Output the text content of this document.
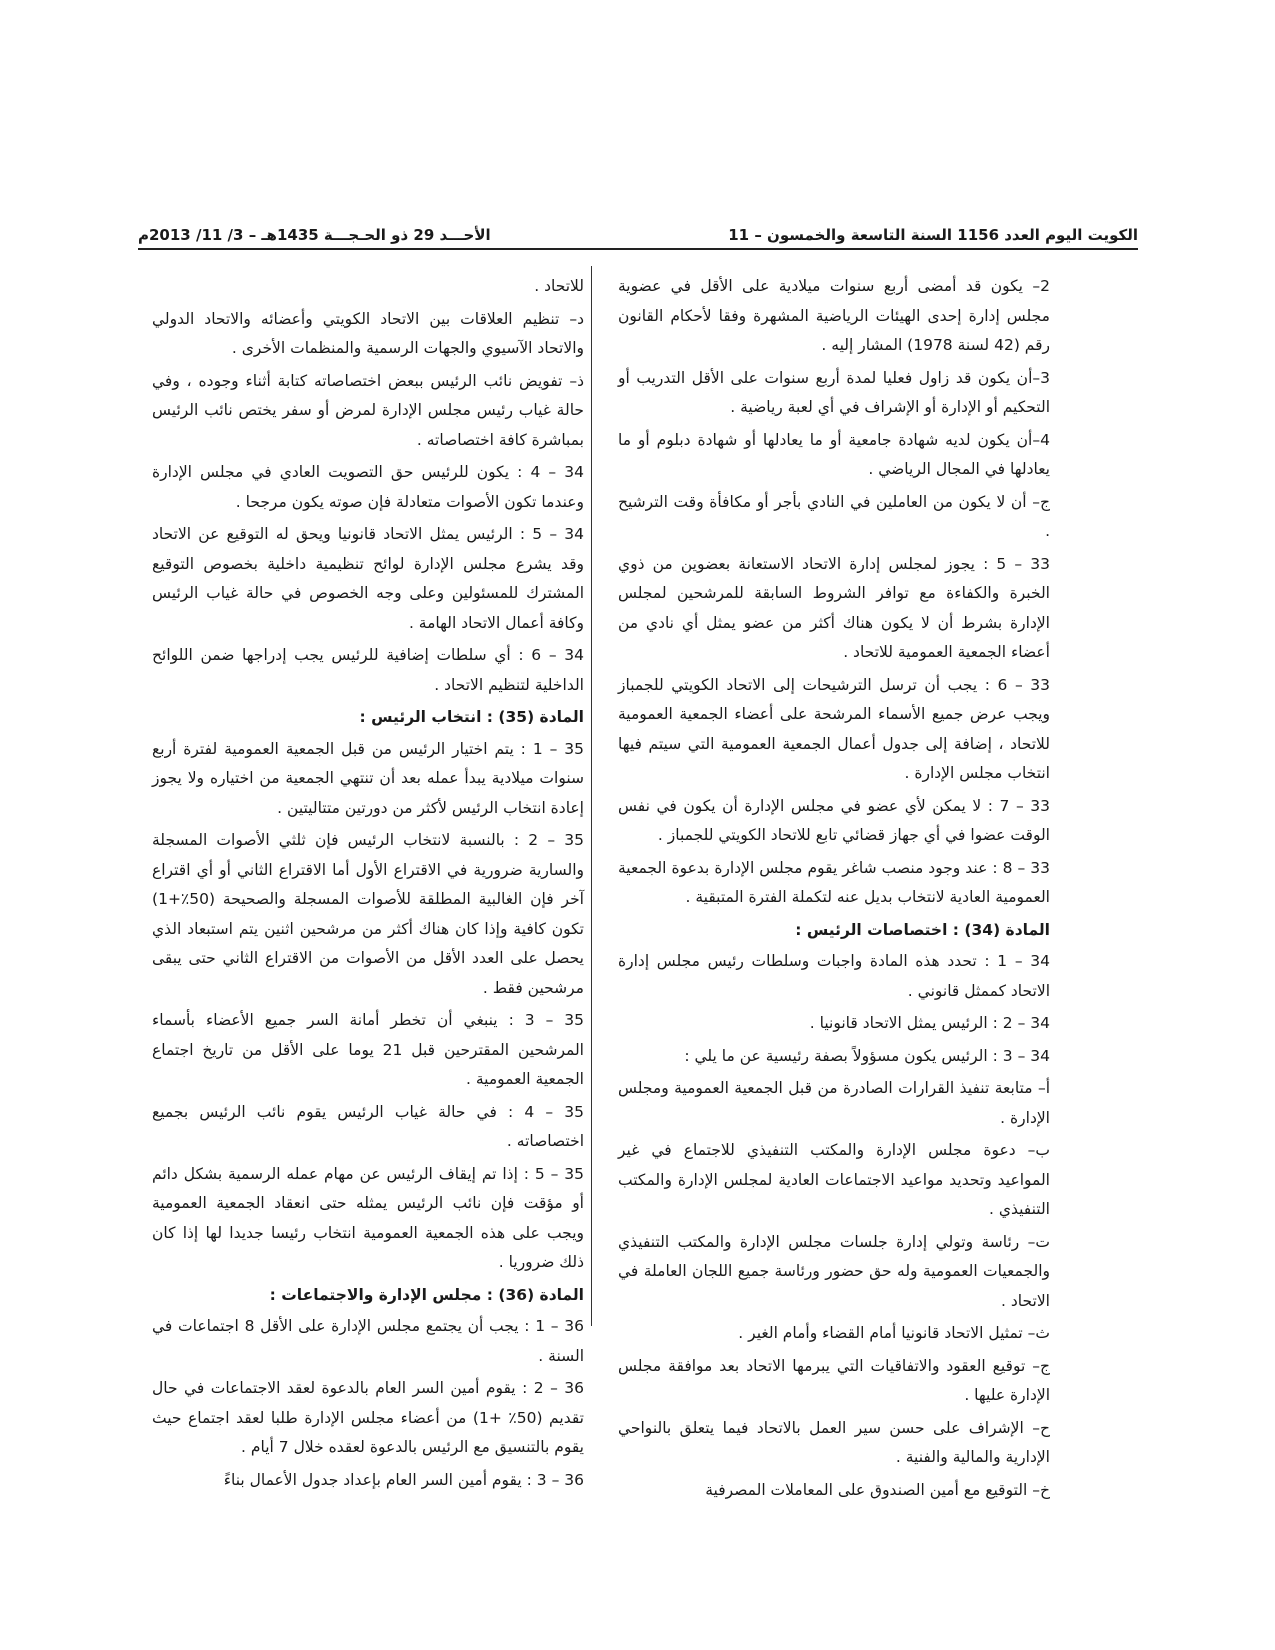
الكويت اليوم العدد 1156 السنة التاسعة والخمسون – 11
الأحـــد 29 ذو الحـجـــة 1435هـ – 3/ 11/ 2013م

2– يكون قد أمضى أربع سنوات ميلادية على الأقل في عضوية مجلس إدارة إحدى الهيئات الرياضية المشهرة وفقا لأحكام القانون رقم (42 لسنة 1978) المشار إليه .

3–أن يكون قد زاول فعليا لمدة أربع سنوات على الأقل التدريب أو التحكيم أو الإدارة أو الإشراف في أي لعبة رياضية .

4–أن يكون لديه شهادة جامعية أو ما يعادلها أو شهادة دبلوم أو ما يعادلها في المجال الرياضي .

ج– أن لا يكون من العاملين في النادي بأجر أو مكافأة وقت الترشيح .

33 – 5 : يجوز لمجلس إدارة الاتحاد الاستعانة بعضوين من ذوي الخبرة والكفاءة مع توافر الشروط السابقة للمرشحين لمجلس الإدارة بشرط أن لا يكون هناك أكثر من عضو يمثل أي نادي من أعضاء الجمعية العمومية للاتحاد .

33 – 6 : يجب أن ترسل الترشيحات إلى الاتحاد الكويتي للجمباز ويجب عرض جميع الأسماء المرشحة على أعضاء الجمعية العمومية للاتحاد ، إضافة إلى جدول أعمال الجمعية العمومية التي سيتم فيها انتخاب مجلس الإدارة .

33 – 7 : لا يمكن لأي عضو في مجلس الإدارة أن يكون في نفس الوقت عضوا في أي جهاز قضائي تابع للاتحاد الكويتي للجمباز .

33 – 8 : عند وجود منصب شاغر يقوم مجلس الإدارة بدعوة الجمعية العمومية العادية لانتخاب بديل عنه لتكملة الفترة المتبقية .

المادة (34) : اختصاصات الرئيس :

34 – 1 : تحدد هذه المادة واجبات وسلطات رئيس مجلس إدارة الاتحاد كممثل قانوني .

34 – 2 : الرئيس يمثل الاتحاد قانونيا .

34 – 3 : الرئيس يكون مسؤولاً بصفة رئيسية عن ما يلي :

أ– متابعة تنفيذ القرارات الصادرة من قبل الجمعية العمومية ومجلس الإدارة .

ب– دعوة مجلس الإدارة والمكتب التنفيذي للاجتماع في غير المواعيد وتحديد مواعيد الاجتماعات العادية لمجلس الإدارة والمكتب التنفيذي .

ت– رئاسة وتولي إدارة جلسات مجلس الإدارة والمكتب التنفيذي والجمعيات العمومية وله حق حضور ورئاسة جميع اللجان العاملة في الاتحاد .

ث– تمثيل الاتحاد قانونيا أمام القضاء وأمام الغير .

ج– توقيع العقود والاتفاقيات التي يبرمها الاتحاد بعد موافقة مجلس الإدارة عليها .

ح– الإشراف على حسن سير العمل بالاتحاد فيما يتعلق بالنواحي الإدارية والمالية والفنية .

خ– التوقيع مع أمين الصندوق على المعاملات المصرفية

للاتحاد .

د– تنظيم العلاقات بين الاتحاد الكويتي وأعضائه والاتحاد الدولي والاتحاد الآسيوي والجهات الرسمية والمنظمات الأخرى .

ذ– تفويض نائب الرئيس ببعض اختصاصاته كتابة أثناء وجوده ، وفي حالة غياب رئيس مجلس الإدارة لمرض أو سفر يختص نائب الرئيس بمباشرة كافة اختصاصاته .

34 – 4 : يكون للرئيس حق التصويت العادي في مجلس الإدارة وعندما تكون الأصوات متعادلة فإن صوته يكون مرجحا .

34 – 5 : الرئيس يمثل الاتحاد قانونيا ويحق له التوقيع عن الاتحاد وقد يشرع مجلس الإدارة لوائح تنظيمية داخلية بخصوص التوقيع المشترك للمسئولين وعلى وجه الخصوص في حالة غياب الرئيس وكافة أعمال الاتحاد الهامة .

34 – 6 : أي سلطات إضافية للرئيس يجب إدراجها ضمن اللوائح الداخلية لتنظيم الاتحاد .

المادة (35) : انتخاب الرئيس :

35 – 1 : يتم اختيار الرئيس من قبل الجمعية العمومية لفترة أربع سنوات ميلادية يبدأ عمله بعد أن تنتهي الجمعية من اختياره ولا يجوز إعادة انتخاب الرئيس لأكثر من دورتين متتاليتين .

35 – 2 : بالنسبة لانتخاب الرئيس فإن ثلثي الأصوات المسجلة والسارية ضرورية في الاقتراع الأول أما الاقتراع الثاني أو أي اقتراع آخر فإن الغالبية المطلقة للأصوات المسجلة والصحيحة (50٪+1) تكون كافية وإذا كان هناك أكثر من مرشحين اثنين يتم استبعاد الذي يحصل على العدد الأقل من الأصوات من الاقتراع الثاني حتى يبقى مرشحين فقط .

35 – 3 : ينبغي أن تخطر أمانة السر جميع الأعضاء بأسماء المرشحين المقترحين قبل 21 يوما على الأقل من تاريخ اجتماع الجمعية العمومية .

35 – 4 : في حالة غياب الرئيس يقوم نائب الرئيس بجميع اختصاصاته .

35 – 5 : إذا تم إيقاف الرئيس عن مهام عمله الرسمية بشكل دائم أو مؤقت فإن نائب الرئيس يمثله حتى انعقاد الجمعية العمومية ويجب على هذه الجمعية العمومية انتخاب رئيسا جديدا لها إذا كان ذلك ضروريا .

المادة (36) : مجلس الإدارة والاجتماعات :

36 – 1 : يجب أن يجتمع مجلس الإدارة على الأقل 8 اجتماعات في السنة .

36 – 2 : يقوم أمين السر العام بالدعوة لعقد الاجتماعات في حال تقديم (50٪ +1) من أعضاء مجلس الإدارة طلبا لعقد اجتماع حيث يقوم بالتنسيق مع الرئيس بالدعوة لعقده خلال 7 أيام .

36 – 3 : يقوم أمين السر العام بإعداد جدول الأعمال بناءً
